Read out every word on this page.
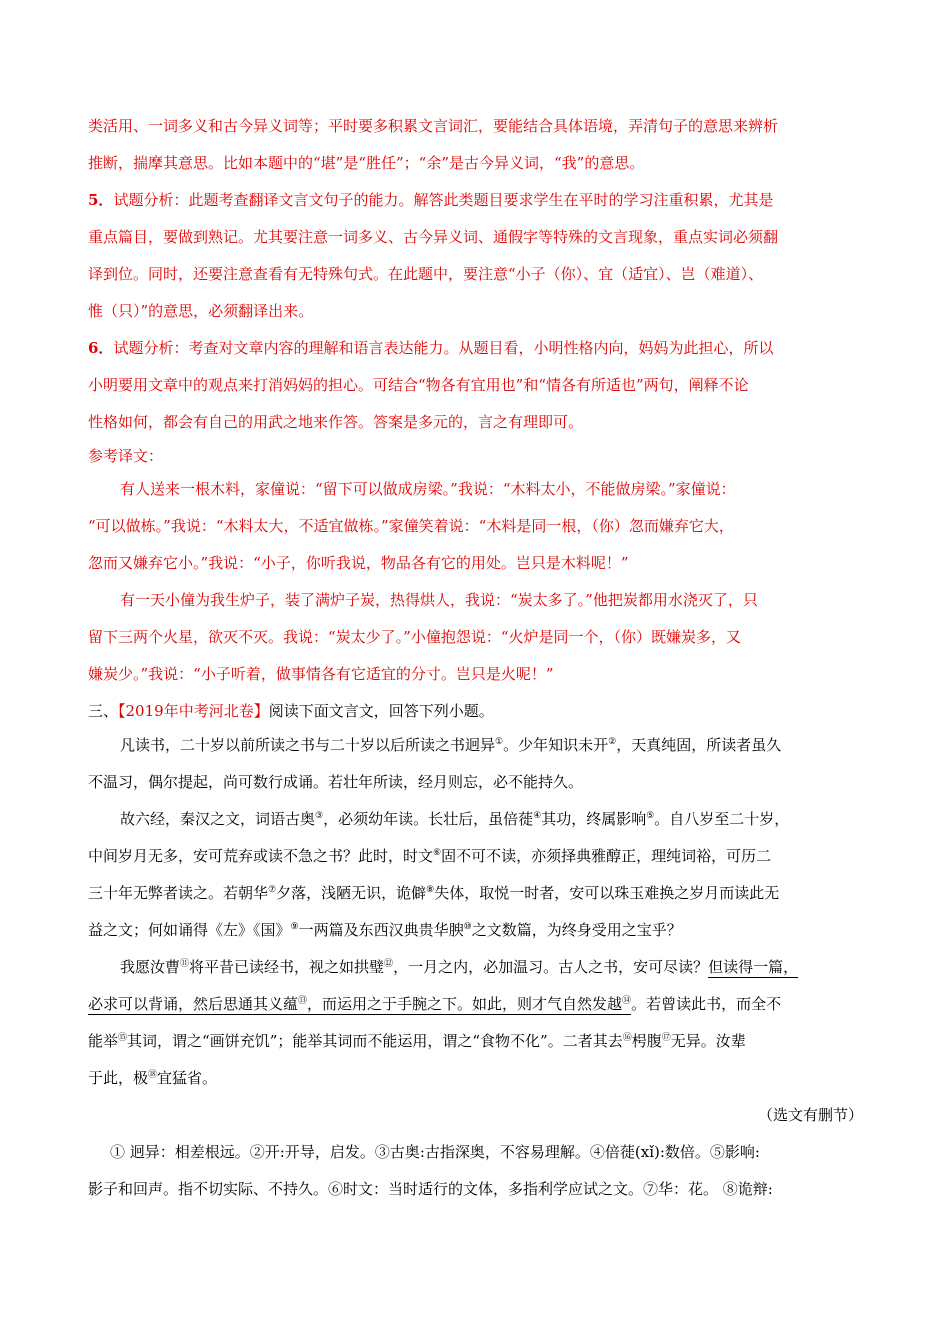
类活用、一词多义和古今异义词等；平时要多积累文言词汇，要能结合具体语境，弄清句子的意思来辨析

推断，揣摩其意思。比如本题中的“堪”是“胜任”；“余”是古今异义词，“我”的意思。

5．试题分析：此题考查翻译文言文句子的能力。解答此类题目要求学生在平时的学习注重积累，尤其是

重点篇目，要做到熟记。尤其要注意一词多义、古今异义词、通假字等特殊的文言现象，重点实词必须翻

译到位。同时，还要注意查看有无特殊句式。在此题中，要注意“小子（你）、宜（适宜）、岂（难道）、

惟（只）”的意思，必须翻译出来。

6．试题分析：考查对文章内容的理解和语言表达能力。从题目看，小明性格内向，妈妈为此担心，所以

小明要用文章中的观点来打消妈妈的担心。可结合“物各有宜用也”和“情各有所适也”两句，阐释不论

性格如何，都会有自己的用武之地来作答。答案是多元的，言之有理即可。

参考译文：

有人送来一根木料，家僮说：“留下可以做成房梁。”我说：“木料太小，不能做房梁。”家僮说：

“可以做栋。”我说：“木料太大，不适宜做栋。”家僮笑着说：“木料是同一根，（你）忽而嫌弃它大，

忽而又嫌弃它小。”我说：“小子，你听我说，物品各有它的用处。岂只是木料呢！”

有一天小僮为我生炉子，装了满炉子炭，热得烘人，我说：“炭太多了。”他把炭都用水浇灭了，只

留下三两个火星，欲灭不灭。我说：“炭太少了。”小僮抱怨说：“火炉是同一个，（你）既嫌炭多，又

嫌炭少。”我说：“小子听着，做事情各有它适宜的分寸。岂只是火呢！”

三、【2019年中考河北卷】阅读下面文言文，回答下列小题。

凡读书，二十岁以前所读之书与二十岁以后所读之书迥异①。少年知识未开②，天真纯固，所读者虽久

不温习，偶尔提起，尚可数行成诵。若壮年所读，经月则忘，必不能持久。

故六经，秦汉之文，词语古奥③，必须幼年读。长壮后，虽倍蓰④其功，终属影响⑤。自八岁至二十岁，

中间岁月无多，安可荒弃或读不急之书？此时，时文⑥固不可不读，亦须择典雅醇正，理纯词裕，可历二

三十年无弊者读之。若朝华⑦夕落，浅陋无识，诡僻⑧失体，取悦一时者，安可以珠玉难换之岁月而读此无

益之文；何如诵得《左》《国》⑨一两篇及东西汉典贵华腴⑩之文数篇，为终身受用之宝乎？

我愿汝曹⑪将平昔已读经书，视之如拱璧⑫，一月之内，必加温习。古人之书，安可尽读？但读得一篇，

必求可以背诵，然后思通其义蕴⑬，而运用之于手腕之下。如此，则才气自然发越⑭。若曾读此书，而全不

能举⑮其词，谓之“画饼充饥”；能举其词而不能运用，谓之“食物不化”。二者其去⑯枵腹⑰无异。汝辈

于此，极⑱宜猛省。

（选文有删节）

① 迥异：相差根远。②开:开导，启发。③古奥:古指深奥，不容易理解。④倍蓰(xǐ):数倍。⑤影响:

影子和回声。指不切实际、不持久。⑥时文：当时适行的文体，多指利学应试之文。⑦华：花。 ⑧诡辩:
